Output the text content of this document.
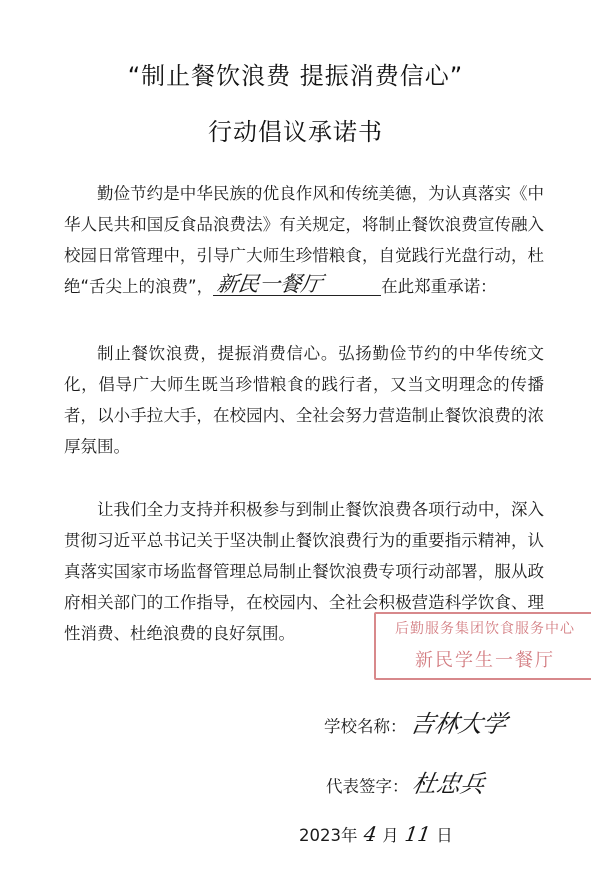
“制止餐饮浪费 提振消费信心”
行动倡议承诺书
勤俭节约是中华民族的优良作风和传统美德，为认真落实《中华人民共和国反食品浪费法》有关规定，将制止餐饮浪费宣传融入校园日常管理中，引导广大师生珍惜粮食，自觉践行光盘行动，杜绝“舌尖上的浪费”， 新民一餐厅	在此郑重承诺：
制止餐饮浪费，提振消费信心。弘扬勤俭节约的中华传统文化，倡导广大师生既当珍惜粮食的践行者，又当文明理念的传播者，以小手拉大手，在校园内、全社会努力营造制止餐饮浪费的浓厚氛围。
让我们全力支持并积极参与到制止餐饮浪费各项行动中，深入贯彻习近平总书记关于坚决制止餐饮浪费行为的重要指示精神，认真落实国家市场监督管理总局制止餐饮浪费专项行动部署，服从政府相关部门的工作指导，在校园内、全社会积极营造科学饮食、理性消费、杜绝浪费的良好氛围。	后勤服务集团饮食服务中心
新民学生一餐厅
学校名称：吉林大学
代表签字：杜忠兵
2023年 4 月 11 日
